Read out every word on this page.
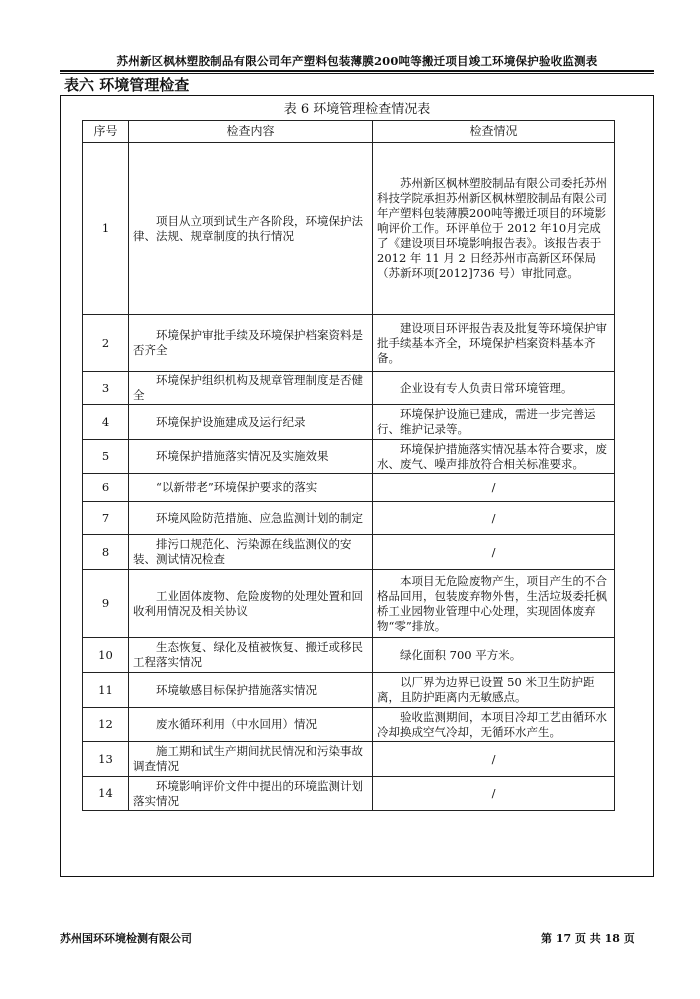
苏州新区枫林塑胶制品有限公司年产塑料包装薄膜200吨等搬迁项目竣工环境保护验收监测表
表六 环境管理检查
表 6 环境管理检查情况表
序号	检查内容	检查情况
1	项目从立项到试生产各阶段，环境保护法律、法规、规章制度的执行情况	苏州新区枫林塑胶制品有限公司委托苏州科技学院承担苏州新区枫林塑胶制品有限公司年产塑料包装薄膜200吨等搬迁项目的环境影响评价工作。环评单位于 2012 年10月完成了《建设项目环境影响报告表》。该报告表于 2012 年 11 月 2 日经苏州市高新区环保局（苏新环项[2012]736 号）审批同意。
2	环境保护审批手续及环境保护档案资料是否齐全	建设项目环评报告表及批复等环境保护审批手续基本齐全，环境保护档案资料基本齐备。
3	环境保护组织机构及规章管理制度是否健全	企业设有专人负责日常环境管理。
4	环境保护设施建成及运行纪录	环境保护设施已建成，需进一步完善运行、维护记录等。
5	环境保护措施落实情况及实施效果	环境保护措施落实情况基本符合要求，废水、废气、噪声排放符合相关标准要求。
6	“以新带老”环境保护要求的落实	/
7	环境风险防范措施、应急监测计划的制定	/
8	排污口规范化、污染源在线监测仪的安装、测试情况检查	/
9	工业固体废物、危险废物的处理处置和回收利用情况及相关协议	本项目无危险废物产生，项目产生的不合格品回用，包装废弃物外售，生活垃圾委托枫桥工业园物业管理中心处理，实现固体废弃物“零”排放。
10	生态恢复、绿化及植被恢复、搬迁或移民工程落实情况	绿化面积 700 平方米。
11	环境敏感目标保护措施落实情况	以厂界为边界已设置 50 米卫生防护距离，且防护距离内无敏感点。
12	废水循环利用（中水回用）情况	验收监测期间，本项目冷却工艺由循环水冷却换成空气冷却，无循环水产生。
13	施工期和试生产期间扰民情况和污染事故调查情况	/
14	环境影响评价文件中提出的环境监测计划落实情况	/
苏州国环环境检测有限公司	第 17 页 共 18 页
